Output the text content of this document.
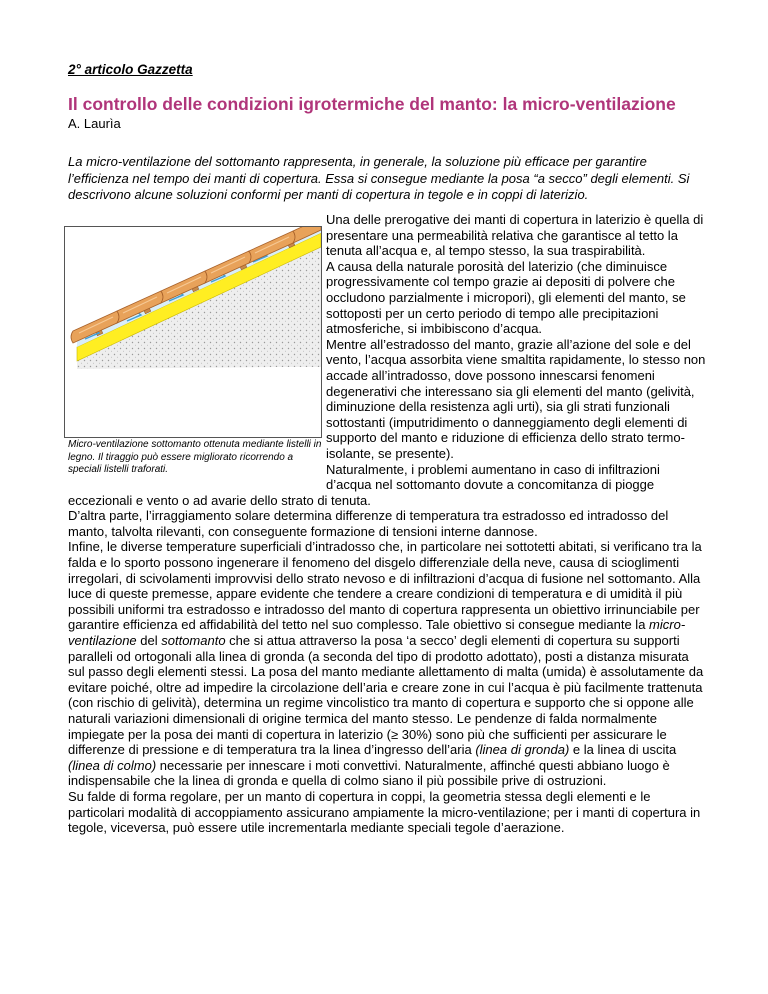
2° articolo Gazzetta
Il controllo delle condizioni igrotermiche del manto: la micro-ventilazione
A. Laurìa

La micro-ventilazione del sottomanto rappresenta, in generale, la soluzione più efficace per garantire l’efficienza nel tempo dei manti di copertura. Essa si consegue mediante la posa “a secco” degli elementi. Si descrivono alcune soluzioni conformi per manti di copertura in tegole e in coppi di laterizio.

Micro-ventilazione sottomanto ottenuta mediante listelli in legno. Il tiraggio può essere migliorato ricorrendo a speciali listelli traforati.

Una delle prerogative dei manti di copertura in laterizio è quella di presentare una permeabilità relativa che garantisce al tetto la tenuta all’acqua e, al tempo stesso, la sua traspirabilità.

A causa della naturale porosità del laterizio (che diminuisce progressivamente col tempo grazie ai depositi di polvere che occludono parzialmente i micropori), gli elementi del manto, se sottoposti per un certo periodo di tempo alle precipitazioni atmosferiche, si imbibiscono d’acqua.

Mentre all’estradosso del manto, grazie all’azione del sole e del vento, l’acqua assorbita viene smaltita rapidamente, lo stesso non accade all’intradosso, dove possono innescarsi fenomeni degenerativi che interessano sia gli elementi del manto (gelività, diminuzione della resistenza agli urti), sia gli strati funzionali sottostanti (imputridimento o danneggiamento degli elementi di supporto del manto e riduzione di efficienza dello strato termo-isolante, se presente).

Naturalmente, i problemi aumentano in caso di infiltrazioni d’acqua nel sottomanto dovute a concomitanza di piogge eccezionali e vento o ad avarie dello strato di tenuta.

D’altra parte, l’irraggiamento solare determina differenze di temperatura tra estradosso ed intradosso del manto, talvolta rilevanti, con conseguente formazione di tensioni interne dannose.

Infine, le diverse temperature superficiali d’intradosso che, in particolare nei sottotetti abitati, si verificano tra la falda e lo sporto possono ingenerare il fenomeno del disgelo differenziale della neve, causa di scioglimenti irregolari, di scivolamenti improvvisi dello strato nevoso e di infiltrazioni d’acqua di fusione nel sottomanto. Alla luce di queste premesse, appare evidente che tendere a creare condizioni di temperatura e di umidità il più possibili uniformi tra estradosso e intradosso del manto di copertura rappresenta un obiettivo irrinunciabile per garantire efficienza ed affidabilità del tetto nel suo complesso. Tale obiettivo si consegue mediante la micro-ventilazione del sottomanto che si attua attraverso la posa ‘a secco’ degli elementi di copertura su supporti paralleli od ortogonali alla linea di gronda (a seconda del tipo di prodotto adottato), posti a distanza misurata sul passo degli elementi stessi. La posa del manto mediante allettamento di malta (umida) è assolutamente da evitare poiché, oltre ad impedire la circolazione dell’aria e creare zone in cui l’acqua è più facilmente trattenuta (con rischio di gelività), determina un regime vincolistico tra manto di copertura e supporto che si oppone alle naturali variazioni dimensionali di origine termica del manto stesso. Le pendenze di falda normalmente impiegate per la posa dei manti di copertura in laterizio (≥ 30%) sono più che sufficienti per assicurare le differenze di pressione e di temperatura tra la linea d’ingresso dell’aria (linea di gronda) e la linea di uscita (linea di colmo) necessarie per innescare i moti convettivi. Naturalmente, affinché questi abbiano luogo è indispensabile che la linea di gronda e quella di colmo siano il più possibile prive di ostruzioni.

Su falde di forma regolare, per un manto di copertura in coppi, la geometria stessa degli elementi e le particolari modalità di accoppiamento assicurano ampiamente la micro-ventilazione; per i manti di copertura in tegole, viceversa, può essere utile incrementarla mediante speciali tegole d’aerazione.
